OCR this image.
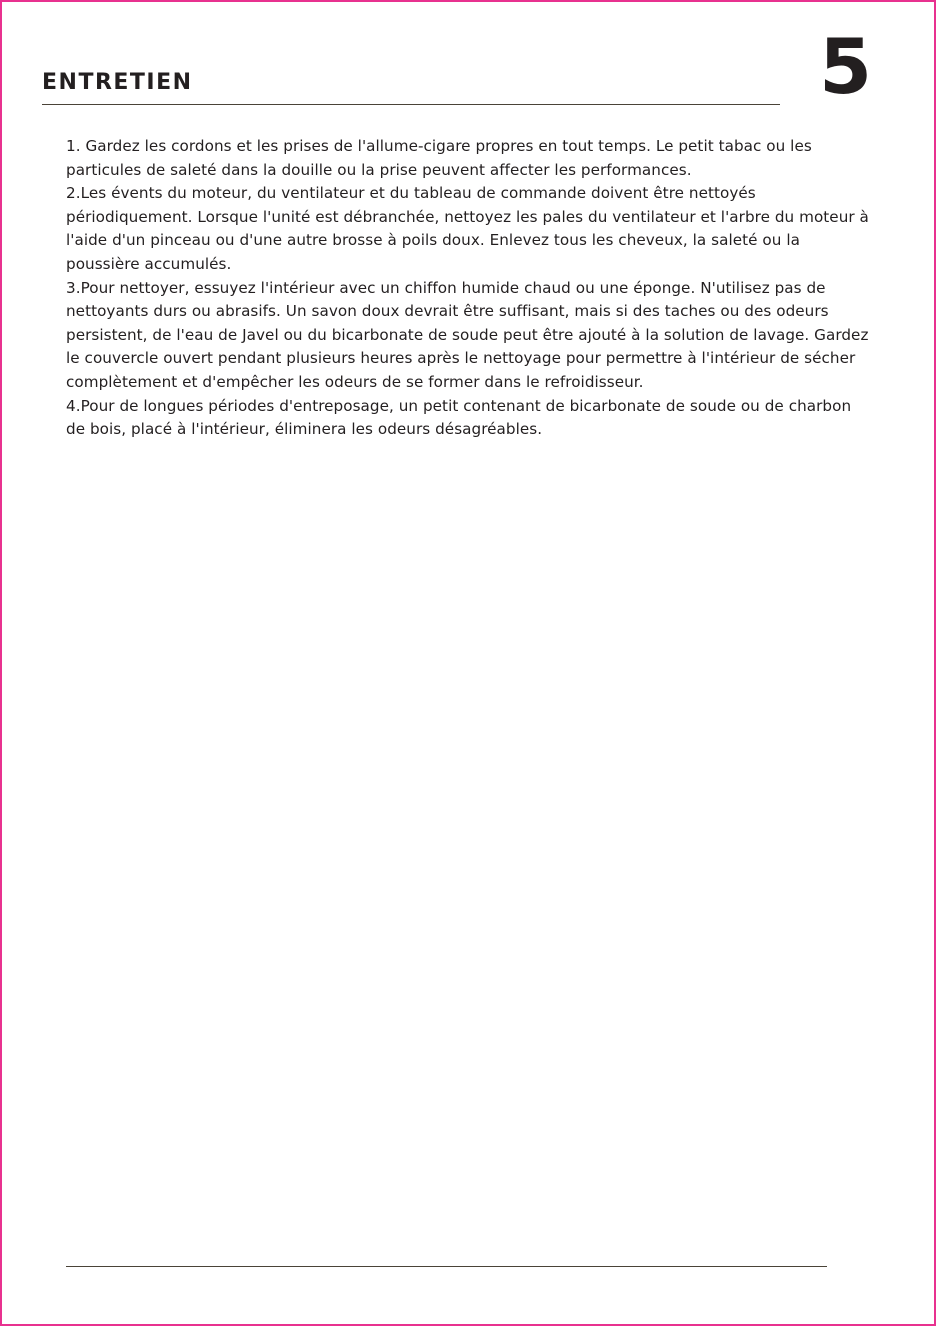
ENTRETIEN	5

1. Gardez les cordons et les prises de l'allume-cigare propres en tout temps. Le petit tabac ou les particules de saleté dans la douille ou la prise peuvent affecter les performances.

2.Les évents du moteur, du ventilateur et du tableau de commande doivent être nettoyés périodiquement. Lorsque l'unité est débranchée, nettoyez les pales du ventilateur et l'arbre du moteur à l'aide d'un pinceau ou d'une autre brosse à poils doux. Enlevez tous les cheveux, la saleté ou la poussière accumulés.

3.Pour nettoyer, essuyez l'intérieur avec un chiffon humide chaud ou une éponge. N'utilisez pas de nettoyants durs ou abrasifs. Un savon doux devrait être suffisant, mais si des taches ou des odeurs persistent, de l'eau de Javel ou du bicarbonate de soude peut être ajouté à la solution de lavage. Gardez le couvercle ouvert pendant plusieurs heures après le nettoyage pour permettre à l'intérieur de sécher complètement et d'empêcher les odeurs de se former dans le refroidisseur.

4.Pour de longues périodes d'entreposage, un petit contenant de bicarbonate de soude ou de charbon de bois, placé à l'intérieur, éliminera les odeurs désagréables.
